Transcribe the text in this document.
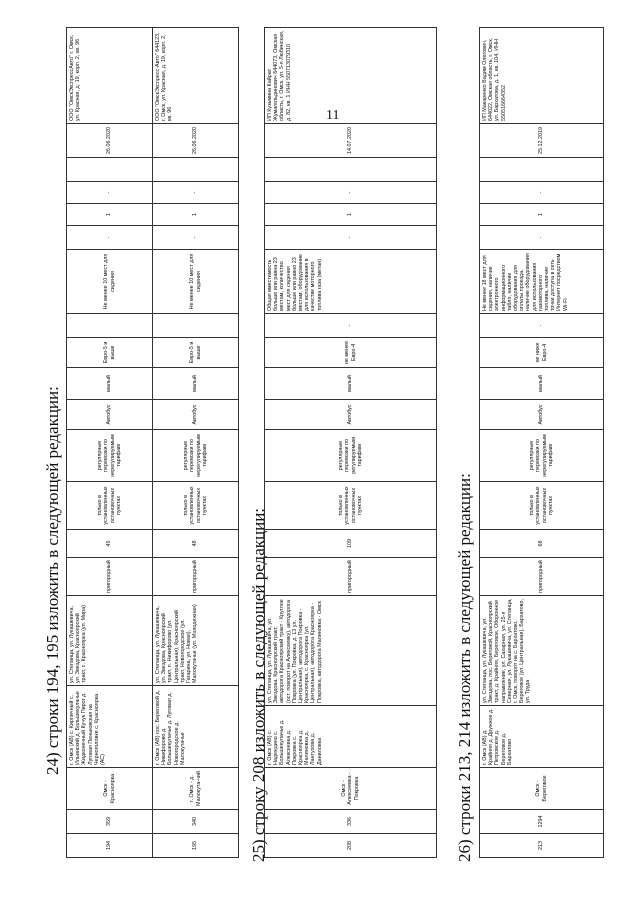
11
24) строки 194, 195 изложить в следующей редакции:
194	359	Омск - Красноярка	г. Омск (АВ) с. Кирпичный с. Ильинский д. Большекулачье Жидконечный Кучук Пирог д. Луговая Пеньковская на Черноголовке с. Красноярка (АС)	ул. Степанца, ул. Лукашевича, ул. Звездова, Красноярский тракт, с. Красноярка (ул. Мира)	пригородный	45	только в установленных остановочных пунктах	регулярные перевозки по нерегулируемым тарифам	Автобус	малый	Евро-5 и выше		Не менее 10 мест для сидения	-	1	-		26.06.2020	ООО "ОмскЭкспрессАвто" г. Омск, ул. Красная, д. 19, корп. 2, кв. 96
195	340	г. Омск - д. Малокута-чий	г. Омск (АВ) пос. Береговой д. Никифорово д. Большекулачье д. Луговая д. Новогородское д. Малокутачье	ул. Степанца, ул. Лукашевича, ул. Звездова, Красноярский тракт, п. Никифорово (ул. Центральная), Красноярский тракт, Новогородское (ул. Гагарина, ул. Новая), Малокутачье (ул. Молодежная)	пригородный	48	только в установленных остановочных пунктах	регулярные перевозки по нерегулируемым тарифам	Автобус	малый	Евро-5 и выше		Не менее 10 мест для сидения	-	1	-		26.06.2020	ООО "ОмскЭкспресс-Авто" 644123, г. Омск, ул. Красная, д. 19, корп. 2, кв. 96
25) строку 208 изложить в следующей редакции:	208	336	Омск - Алексеевка - Покровка	г. Омск (АВ) с. Надеждино с. Большекулачье д. Алексеевка д. Покровка с. Красноярка д. Малиновка д. Лантухова д. Даниловка	ул. Степанца, ул. Лукашевича, ул. Звездова, Красноярский тракт, автодорога Красноярский тракт - Круглое (ост. поворот на Алексеевку), автодорога Покровка (ул. Покровка, д. 13 ул. Центральная), автодорога Покровка - Красноярка, с. Красноярка (ул. Центральная), автодорога Красноярка - Покровка, автодорога Малиновка - Омск	пригородный	109	только в установленных остановочных пунктах	регулярные перевозки по регулируемым тарифам	Автобус	малый	не менее Евро-4	-	Общая вместимость больше или равна 23 местам, количество мест для сидения больше или равно 23 местам, оборудование для использования в качестве моторного топлива газа (метан)	-	1	-		14.07.2020	ИП Кузьмина Кайрат Жумагельдинович 644073, Омская область, г. Омск, ул. 5-я Любинская, д. 82, кв. 1 ИНН 550713079310
26) строки 213, 214 изложить в следующей редакции:	213	1294	Омск - Береговое	г. Омск (АВ) д. Крайняя д. Дружное д. Петровское д. Береговое д. Бархатово	ул. Степанца, ул. Лукашевича, ул. Звездова, пос. Береговой, Красноярский тракт, д. Крайняя, Береговое, Оборонное направление, ул. Сахарная, ул. 25-я Северная, ул. Лукашевича, ул. Степанца, г. Омск, поворот на с. Бархатово, Береговое (ул. Центральная), Бархатово, ул. Труда	пригородный	68	только в установленных остановочных пунктах	регулярные перевозки по нерегулируемым тарифам	Автобус	малый	не ниже Евро-4	-	Не менее 18 мест для сидения, наличие электронного информационного табло, наличие оборудования для оплаты проезда, наличие оборудования для использования газомоторного топлива, наличие точки доступа в сеть Интернет посредством Wi-Fi	-	1	-		25.12.2019	ИП Макаренко Вадим Олегович, 644022, Омская область, г. Омск, ул. Бархатова, д. 1, кв. 104, ИНН 550516664352
